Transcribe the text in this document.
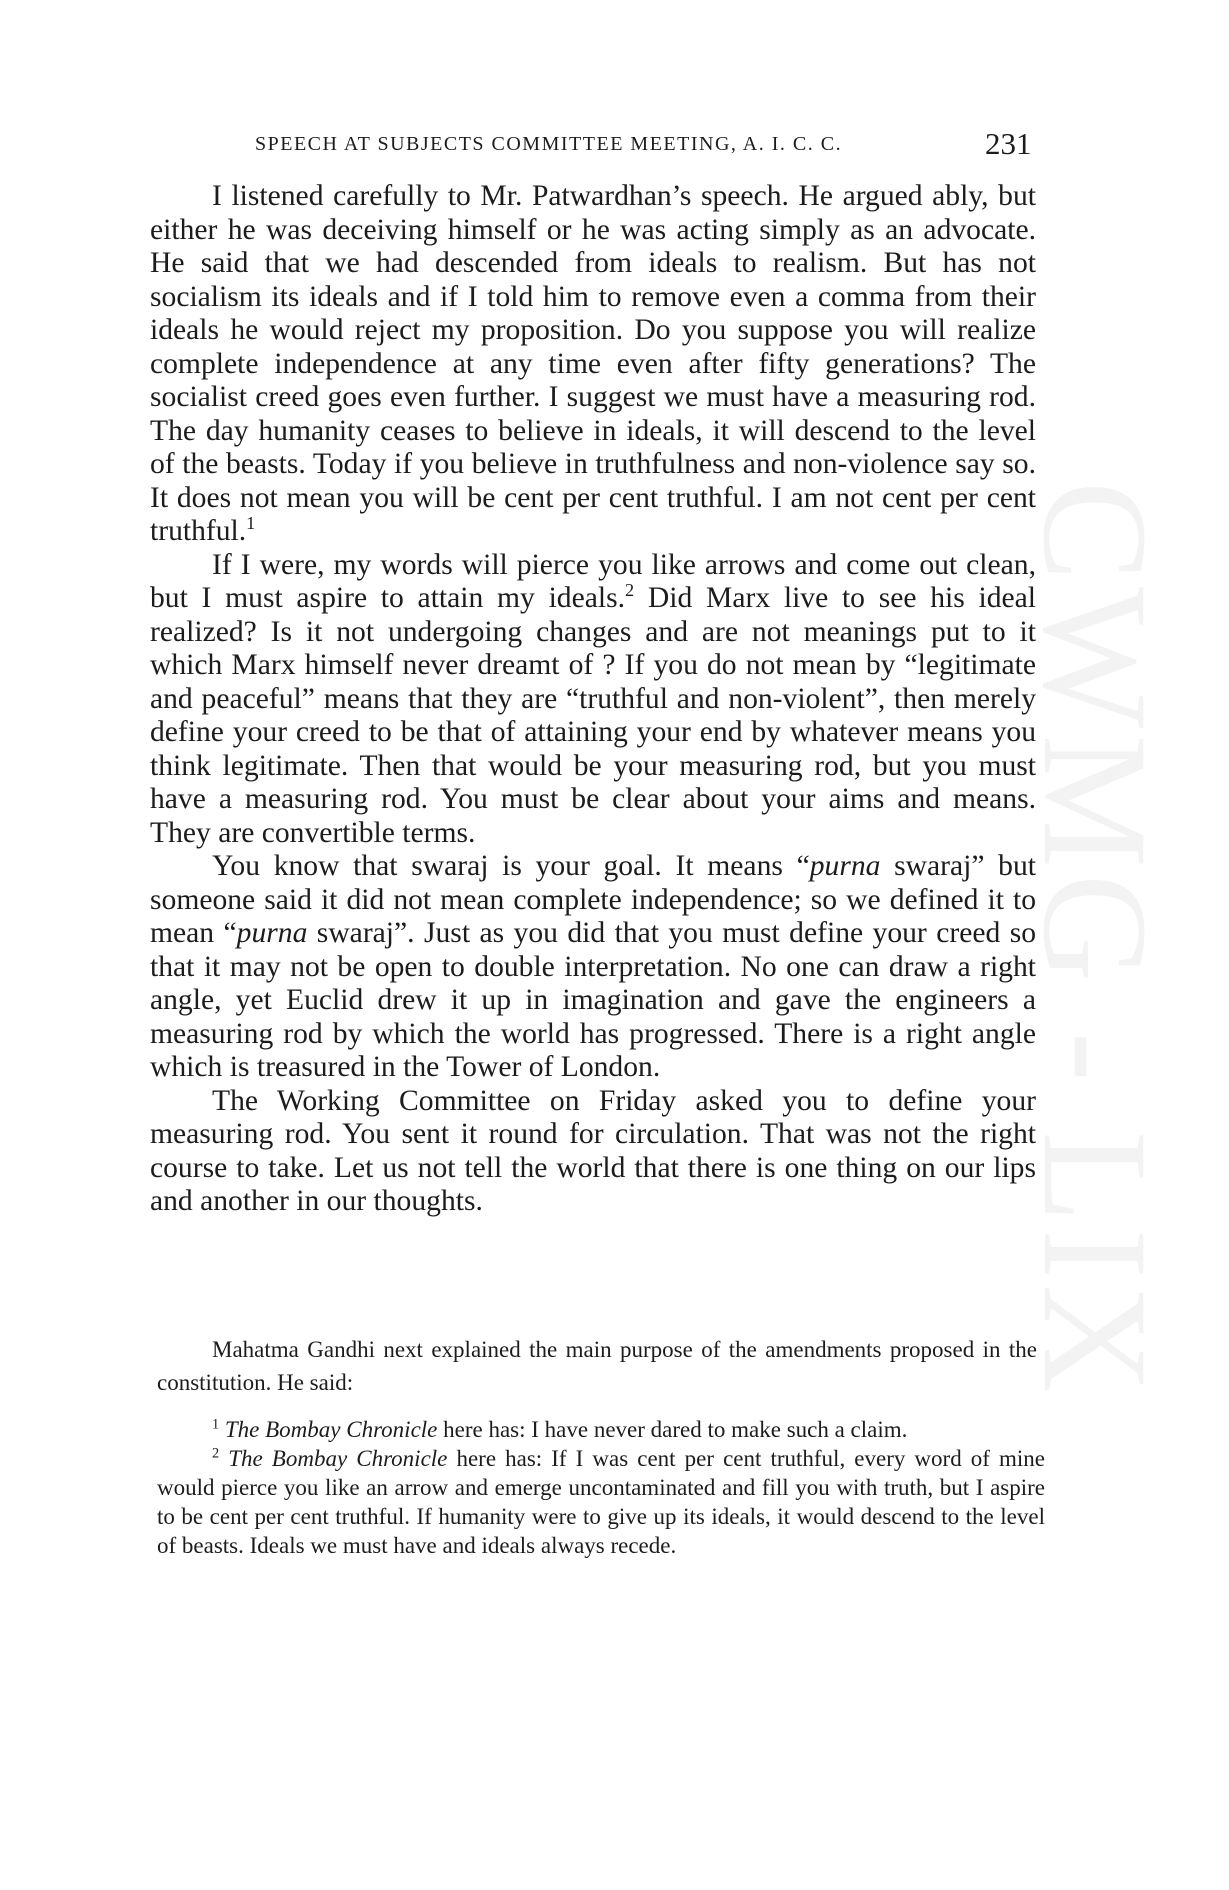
CWMG - LIX
SPEECH AT SUBJECTS COMMITTEE MEETING, A. I. C. C.	231

I listened carefully to Mr. Patwardhan’s speech. He argued ably, but either he was deceiving himself or he was acting simply as an advocate. He said that we had descended from ideals to realism. But has not socialism its ideals and if I told him to remove even a comma from their ideals he would reject my proposition. Do you suppose you will realize complete independence at any time even after fifty generations? The socialist creed goes even further. I suggest we must have a measuring rod. The day humanity ceases to believe in ideals, it will descend to the level of the beasts. Today if you believe in truthfulness and non-violence say so. It does not mean you will be cent per cent truthful. I am not cent per cent truthful.$^1$

If I were, my words will pierce you like arrows and come out clean, but I must aspire to attain my ideals.$^2$ Did Marx live to see his ideal realized? Is it not undergoing changes and are not meanings put to it which Marx himself never dreamt of ? If you do not mean by “legitimate and peaceful” means that they are “truthful and non-violent”, then merely define your creed to be that of attaining your end by whatever means you think legitimate. Then that would be your measuring rod, but you must have a measuring rod. You must be clear about your aims and means. They are convertible terms.

You know that swaraj is your goal. It means “purna swaraj” but someone said it did not mean complete independence; so we defined it to mean “purna swaraj”. Just as you did that you must define your creed so that it may not be open to double interpretation. No one can draw a right angle, yet Euclid drew it up in imagination and gave the engineers a measuring rod by which the world has progressed. There is a right angle which is treasured in the Tower of London.

The Working Committee on Friday asked you to define your measuring rod. You sent it round for circulation. That was not the right course to take. Let us not tell the world that there is one thing on our lips and another in our thoughts.

Mahatma Gandhi next explained the main purpose of the amendments proposed in the constitution. He said:

$^1$ The Bombay Chronicle here has: I have never dared to make such a claim.

$^2$ The Bombay Chronicle here has: If I was cent per cent truthful, every word of mine would pierce you like an arrow and emerge uncontaminated and fill you with truth, but I aspire to be cent per cent truthful. If humanity were to give up its ideals, it would descend to the level of beasts. Ideals we must have and ideals always recede.
